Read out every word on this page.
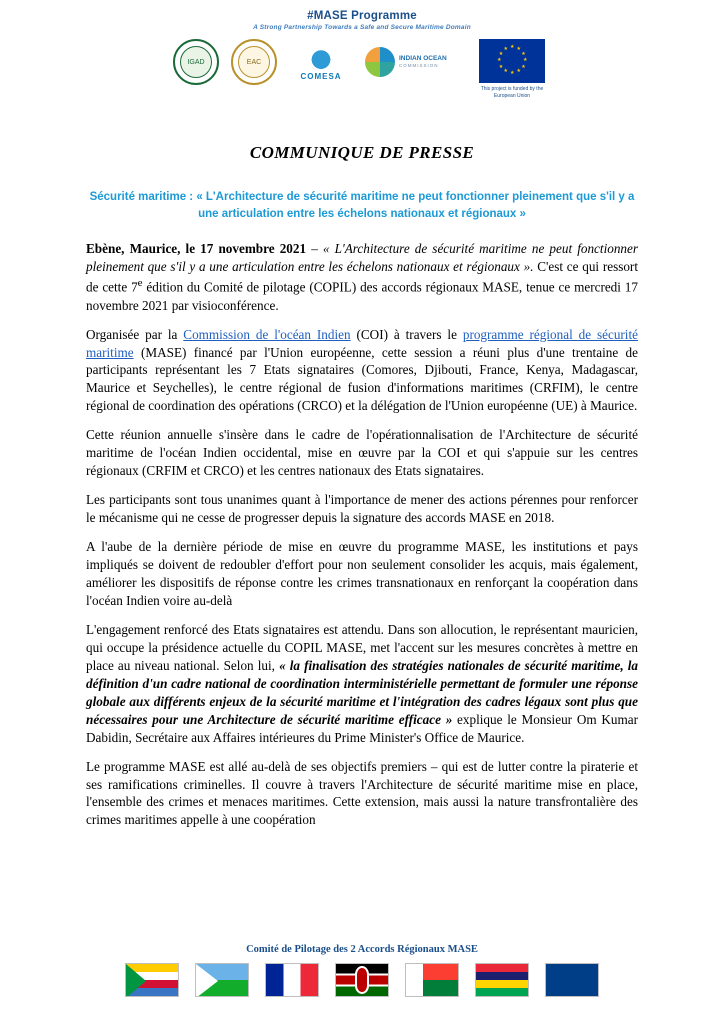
#MASE Programme
A Strong Partnership Towards a Safe and Secure Maritime Domain
IGAD	EAC
COMESA
INDIAN OCEAN
COMMISSION
★ ★
★
★
★
★
★
★
★
★
★
★
This project is funded by the European Union
COMMUNIQUE DE PRESSE
Sécurité maritime : « L'Architecture de sécurité maritime ne peut fonctionner pleinement que s'il y a une articulation entre les échelons nationaux et régionaux »

Ebène, Maurice, le 17 novembre 2021 – « L'Architecture de sécurité maritime ne peut fonctionner pleinement que s'il y a une articulation entre les échelons nationaux et régionaux ». C'est ce qui ressort de cette 7e édition du Comité de pilotage (COPIL) des accords régionaux MASE, tenue ce mercredi 17 novembre 2021 par visioconférence.

Organisée par la Commission de l'océan Indien (COI) à travers le programme régional de sécurité maritime (MASE) financé par l'Union européenne, cette session a réuni plus d'une trentaine de participants représentant les 7 Etats signataires (Comores, Djibouti, France, Kenya, Madagascar, Maurice et Seychelles), le centre régional de fusion d'informations maritimes (CRFIM), le centre régional de coordination des opérations (CRCO) et la délégation de l'Union européenne (UE) à Maurice.

Cette réunion annuelle s'insère dans le cadre de l'opérationnalisation de l'Architecture de sécurité maritime de l'océan Indien occidental, mise en œuvre par la COI et qui s'appuie sur les centres régionaux (CRFIM et CRCO) et les centres nationaux des Etats signataires.

Les participants sont tous unanimes quant à l'importance de mener des actions pérennes pour renforcer le mécanisme qui ne cesse de progresser depuis la signature des accords MASE en 2018.

A l'aube de la dernière période de mise en œuvre du programme MASE, les institutions et pays impliqués se doivent de redoubler d'effort pour non seulement consolider les acquis, mais également, améliorer les dispositifs de réponse contre les crimes transnationaux en renforçant la coopération dans l'océan Indien voire au-delà

L'engagement renforcé des Etats signataires est attendu. Dans son allocution, le représentant mauricien, qui occupe la présidence actuelle du COPIL MASE, met l'accent sur les mesures concrètes à mettre en place au niveau national. Selon lui, « la finalisation des stratégies nationales de sécurité maritime, la définition d'un cadre national de coordination interministérielle permettant de formuler une réponse globale aux différents enjeux de la sécurité maritime et l'intégration des cadres légaux sont plus que nécessaires pour une Architecture de sécurité maritime efficace » explique le Monsieur Om Kumar Dabidin, Secrétaire aux Affaires intérieures du Prime Minister's Office de Maurice.

Le programme MASE est allé au-delà de ses objectifs premiers – qui est de lutter contre la piraterie et ses ramifications criminelles. Il couvre à travers l'Architecture de sécurité maritime mise en place, l'ensemble des crimes et menaces maritimes. Cette extension, mais aussi la nature transfrontalière des crimes maritimes appelle à une coopération

Comité de Pilotage des 2 Accords Régionaux MASE
